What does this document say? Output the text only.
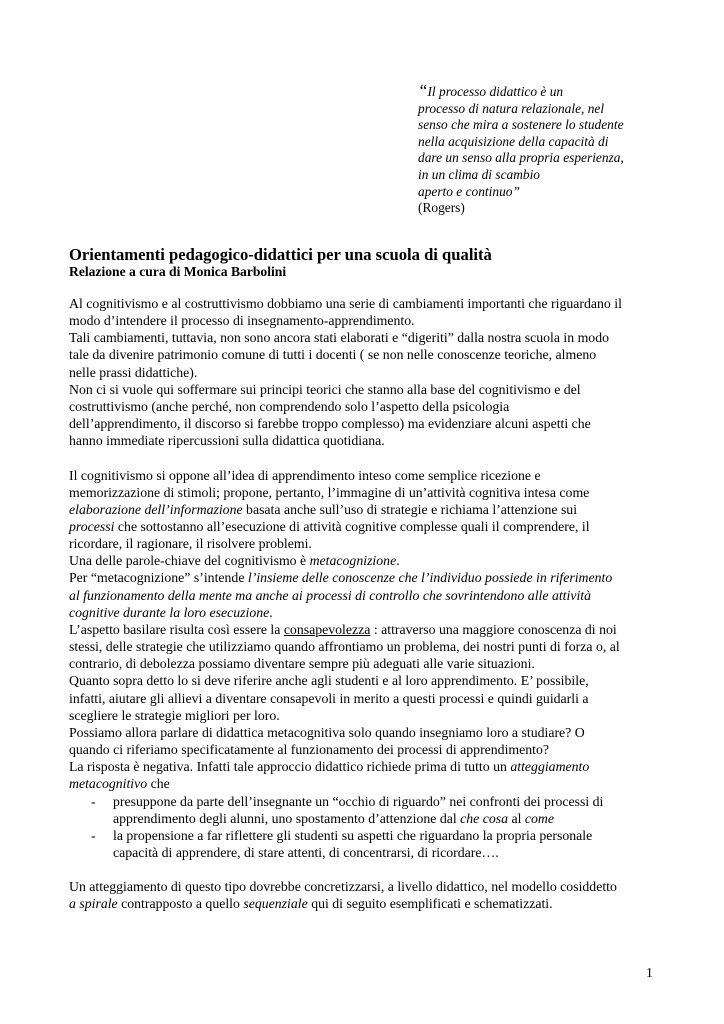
“Il processo didattico è un
processo di natura relazionale, nel
senso che mira a sostenere lo studente
nella acquisizione della capacità di
dare un senso alla propria esperienza,
in un clima di scambio
aperto e continuo”
(Rogers)
Orientamenti pedagogico-didattici per una scuola di qualità
Relazione a cura di Monica Barbolini
Al cognitivismo e al costruttivismo dobbiamo una serie di cambiamenti importanti che riguardano il
modo d’intendere il processo di insegnamento-apprendimento.
Tali cambiamenti, tuttavia, non sono ancora stati elaborati e “digeriti” dalla nostra scuola in modo
tale da divenire patrimonio comune di tutti i docenti ( se non nelle conoscenze teoriche, almeno
nelle prassi didattiche).
Non ci si vuole qui soffermare sui principi teorici che stanno alla base del cognitivismo e del
costruttivismo (anche perché, non comprendendo solo l’aspetto della psicologia
dell’apprendimento, il discorso si farebbe troppo complesso) ma evidenziare alcuni aspetti che
hanno immediate ripercussioni sulla didattica quotidiana.
Il cognitivismo si oppone all’idea di apprendimento inteso come semplice ricezione e
memorizzazione di stimoli; propone, pertanto, l’immagine di un’attività cognitiva intesa come
elaborazione dell’informazione basata anche sull’uso di strategie e richiama l’attenzione sui
processi che sottostanno all’esecuzione di attività cognitive complesse quali il comprendere, il
ricordare, il ragionare, il risolvere problemi.
Una delle parole-chiave del cognitivismo è metacognizione.
Per “metacognizione” s’intende l’insieme delle conoscenze che l’individuo possiede in riferimento
al funzionamento della mente ma anche ai processi di controllo che sovrintendono alle attività
cognitive durante la loro esecuzione.
L’aspetto basilare risulta così essere la consapevolezza : attraverso una maggiore conoscenza di noi
stessi, delle strategie che utilizziamo quando affrontiamo un problema, dei nostri punti di forza o, al
contrario, di debolezza possiamo diventare sempre più adeguati alle varie situazioni.
Quanto sopra detto lo si deve riferire anche agli studenti e al loro apprendimento. E’ possibile,
infatti, aiutare gli allievi a diventare consapevoli in merito a questi processi e quindi guidarli a
scegliere le strategie migliori per loro.
Possiamo allora parlare di didattica metacognitiva solo quando insegniamo loro a studiare? O
quando ci riferiamo specificatamente al funzionamento dei processi di apprendimento?
La risposta è negativa. Infatti tale approccio didattico richiede prima di tutto un atteggiamento
metacognitivo che
- presuppone da parte dell’insegnante un “occhio di riguardo” nei confronti dei processi di
apprendimento degli alunni, uno spostamento d’attenzione dal che cosa al come
- la propensione a far riflettere gli studenti su aspetti che riguardano la propria personale
capacità di apprendere, di stare attenti, di concentrarsi, di ricordare….
Un atteggiamento di questo tipo dovrebbe concretizzarsi, a livello didattico, nel modello cosiddetto
a spirale contrapposto a quello sequenziale qui di seguito esemplificati e schematizzati.
1
